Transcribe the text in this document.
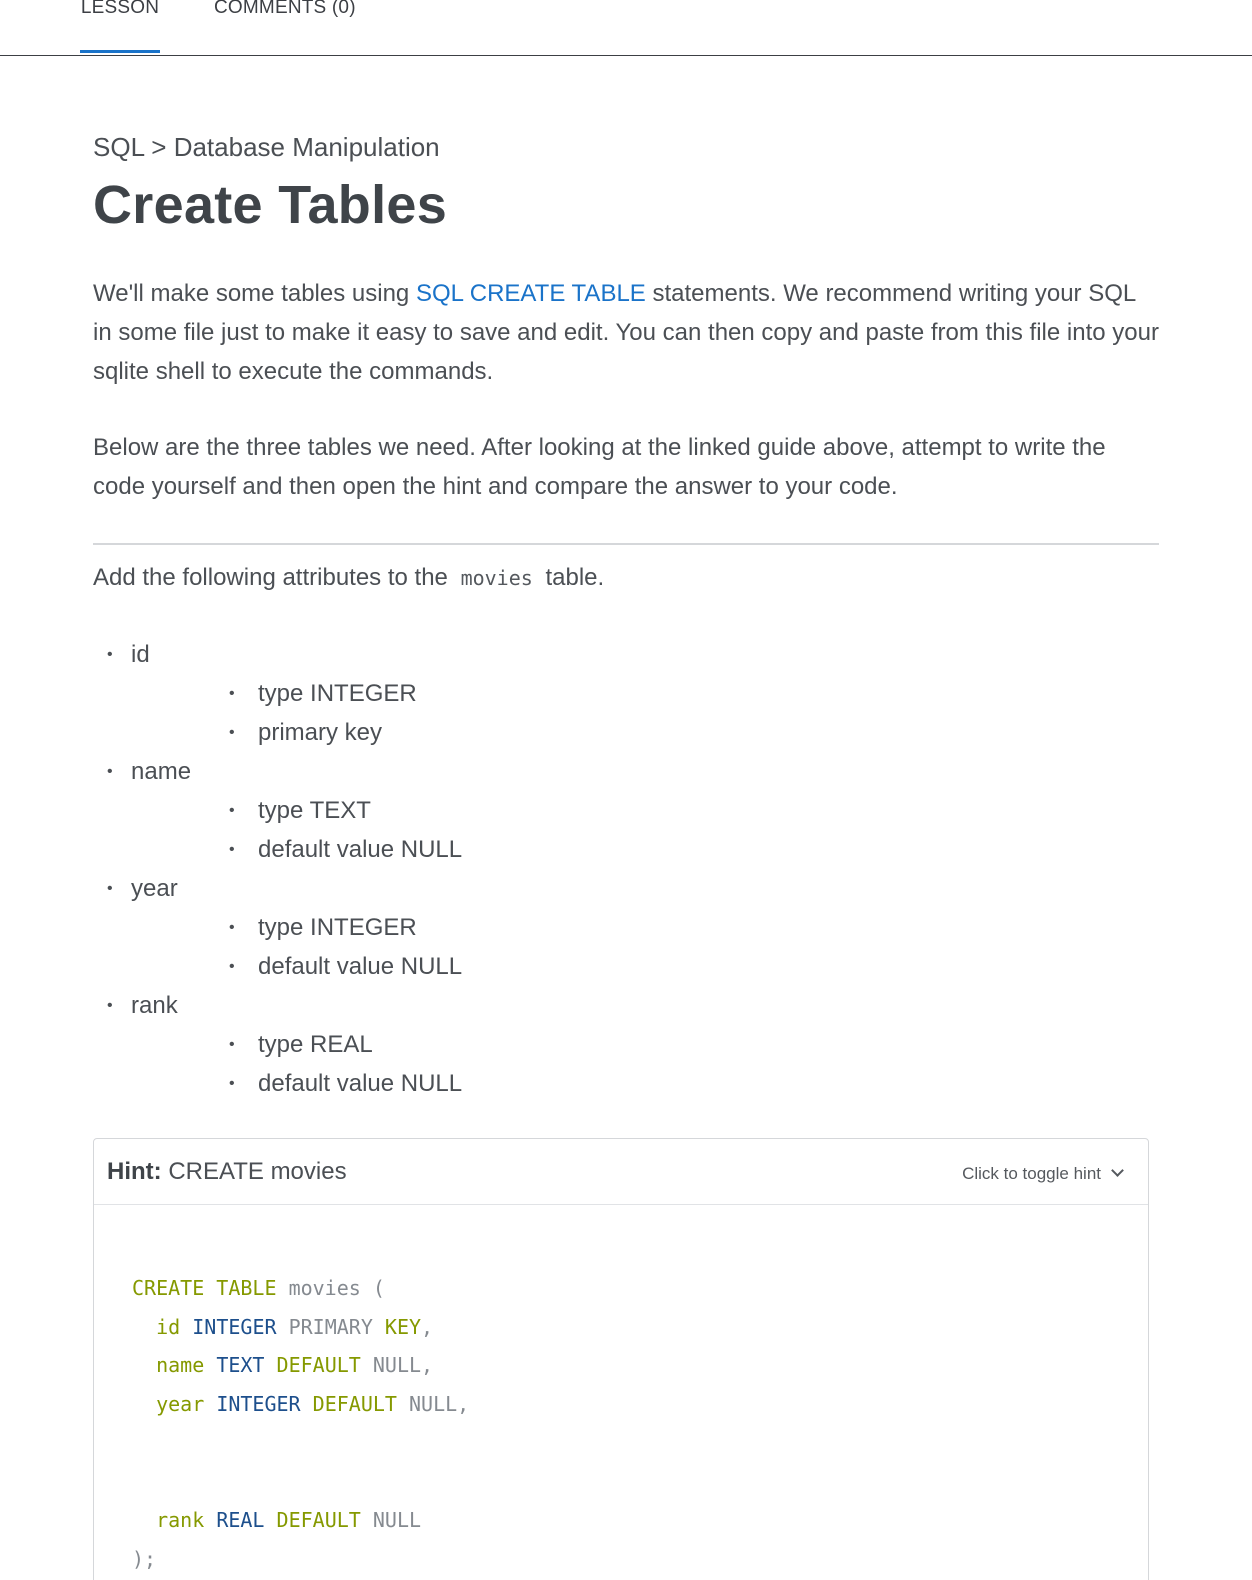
LESSON	COMMENTS (0)
SQL > Database Manipulation
Create Tables

We'll make some tables using SQL CREATE TABLE statements. We recommend writing your SQL in some file just to make it easy to save and edit. You can then copy and paste from this file into your sqlite shell to execute the commands.

Below are the three tables we need. After looking at the linked guide above, attempt to write the code yourself and then open the hint and compare the answer to your code.

Add the following attributes to the movies table.
• id
• type INTEGER
• primary key
• name
• type TEXT
• default value NULL
• year
• type INTEGER
• default value NULL
• rank
• type REAL
• default value NULL
Hint: CREATE movies	Click to toggle hint
CREATE TABLE movies (
id INTEGER PRIMARY KEY,
name TEXT DEFAULT NULL,
year INTEGER DEFAULT NULL,

rank REAL DEFAULT NULL
);
